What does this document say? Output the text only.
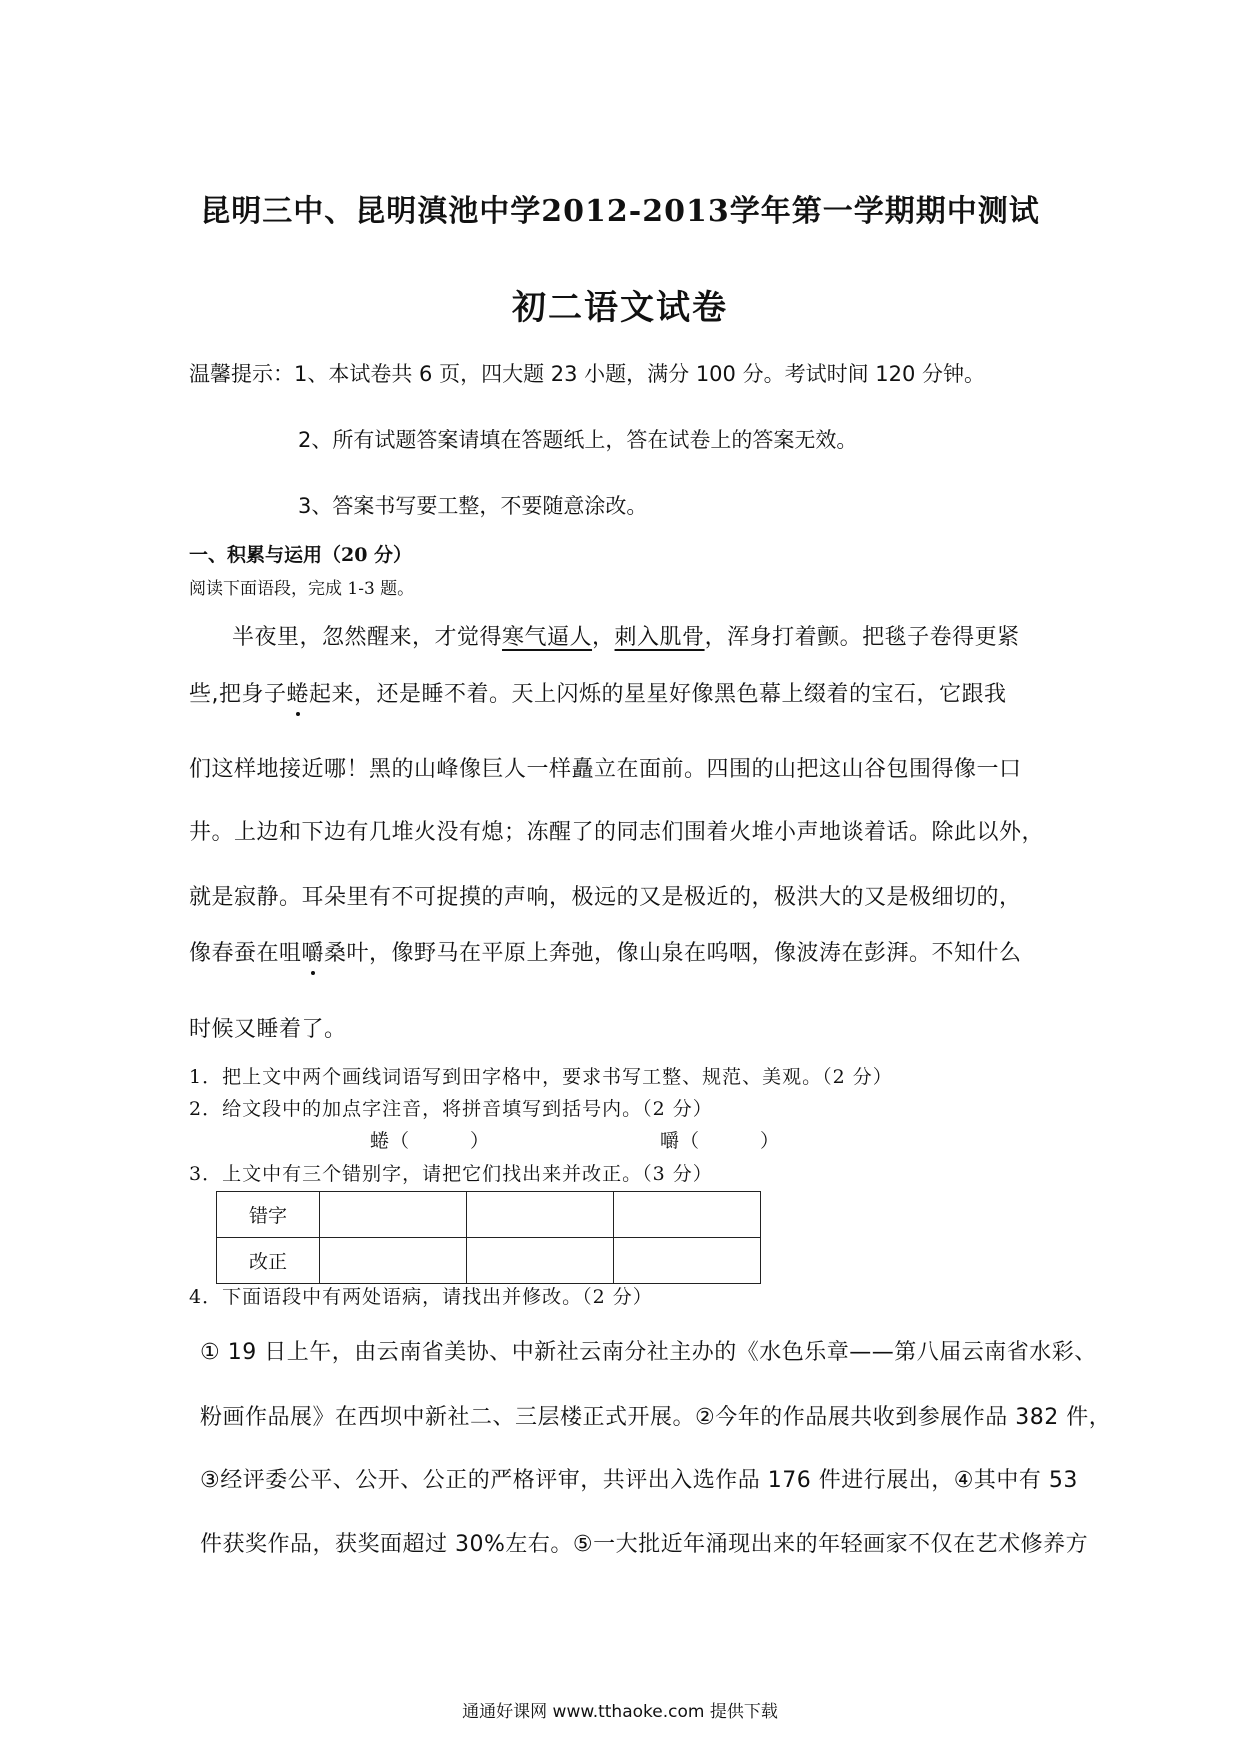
昆明三中、昆明滇池中学2012-2013学年第一学期期中测试
初二语文试卷
温馨提示：1、本试卷共 6 页，四大题 23 小题，满分 100 分。考试时间 120 分钟。
2、所有试题答案请填在答题纸上，答在试卷上的答案无效。
3、答案书写要工整，不要随意涂改。
一、积累与运用（20 分）
阅读下面语段，完成 1-3 题。
半夜里，忽然醒来，才觉得寒气逼人，刺入肌骨，浑身打着颤。把毯子卷得更紧
些,把身子蜷起来，还是睡不着。天上闪烁的星星好像黑色幕上缀着的宝石，它跟我
们这样地接近哪！黑的山峰像巨人一样矗立在面前。四围的山把这山谷包围得像一口
井。上边和下边有几堆火没有熄；冻醒了的同志们围着火堆小声地谈着话。除此以外，
就是寂静。耳朵里有不可捉摸的声响，极远的又是极近的，极洪大的又是极细切的，
像春蚕在咀嚼桑叶，像野马在平原上奔弛，像山泉在呜咽，像波涛在彭湃。不知什么
时候又睡着了。
1．把上文中两个画线词语写到田字格中，要求书写工整、规范、美观。（2 分）
2．给文段中的加点字注音，将拼音填写到括号内。（2 分）
蜷（　　　）	嚼（　　　）
3．上文中有三个错别字，请把它们找出来并改正。（3 分）
错字			
改正			
4．下面语段中有两处语病，请找出并修改。（2 分）
① 19 日上午，由云南省美协、中新社云南分社主办的《水色乐章——第八届云南省水彩、
粉画作品展》在西坝中新社二、三层楼正式开展。②今年的作品展共收到参展作品 382 件，
③经评委公平、公开、公正的严格评审，共评出入选作品 176 件进行展出，④其中有 53
件获奖作品，获奖面超过 30%左右。⑤一大批近年涌现出来的年轻画家不仅在艺术修养方
通通好课网 www.tthaoke.com 提供下载
